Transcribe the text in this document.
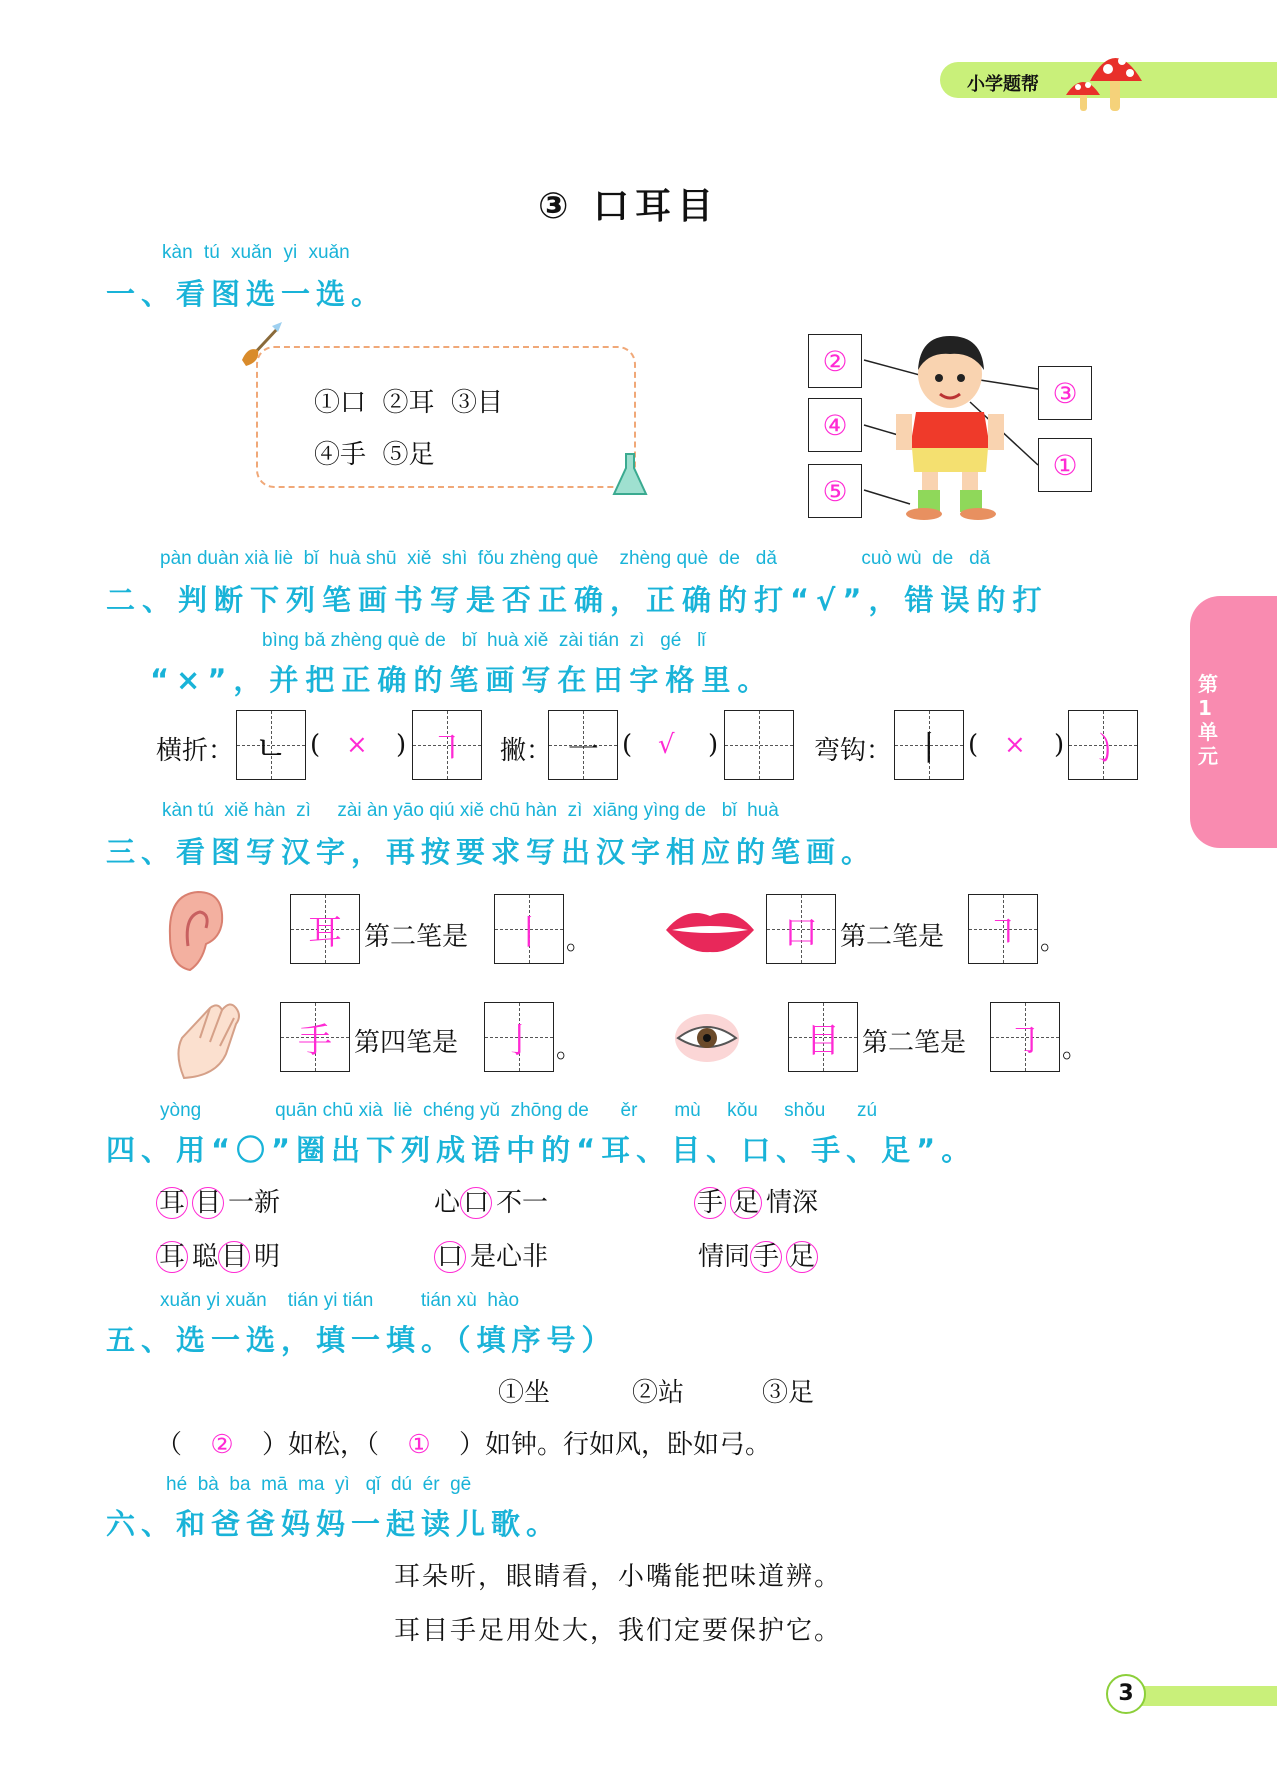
小学题帮
③ 口耳目
第1单元
kàn tú xuǎn yi xuǎn
一、看图选一选。
①口  ②耳  ③目
④手  ⑤足
②
④
⑤
③
①
pàn duàn xià liè  bǐ  huà shū  xiě  shì  fǒu zhèng què    zhèng què  de   dǎ                cuò wù  de   dǎ
二、判断下列笔画书写是否正确，正确的打“√”，错误的打
bìng bǎ zhèng què de   bǐ  huà xiě  zài tián  zì   gé   lǐ
“×”，并把正确的笔画写在田字格里。
横折： ㄴ ( × ) ㇕	撇： ㇐ ( √ )	弯钩： 丨 ( × ) ㇁
kàn tú  xiě hàn  zì     zài àn yāo qiú xiě chū hàn  zì  xiāng yìng de   bǐ  huà
三、看图写汉字，再按要求写出汉字相应的笔画。
耳 第二笔是	丨 。	口 第二笔是	㇕ 。
手 第四笔是	亅 。	目 第二笔是	㇆ 。
yòng              quān chū xià  liè  chéng yǔ  zhōng de      ěr       mù     kǒu     shǒu      zú
四、用“〇”圈出下列成语中的“耳、目、口、手、足”。
耳 目 一新	心 口 不一	手 足 情深
耳 聪 目 明	口 是心非	情同 手 足
xuǎn yi xuǎn    tián yi tián         tián xù  hào
五、选一选，填一填。（填序号）
①坐	②站	③足
（ ② ）如松，（ ① ）如钟。行如风，卧如弓。
hé  bà  ba  mā  ma  yì   qǐ  dú  ér  gē
六、和爸爸妈妈一起读儿歌。
耳朵听，眼睛看，小嘴能把味道辨。
耳目手足用处大，我们定要保护它。
3
